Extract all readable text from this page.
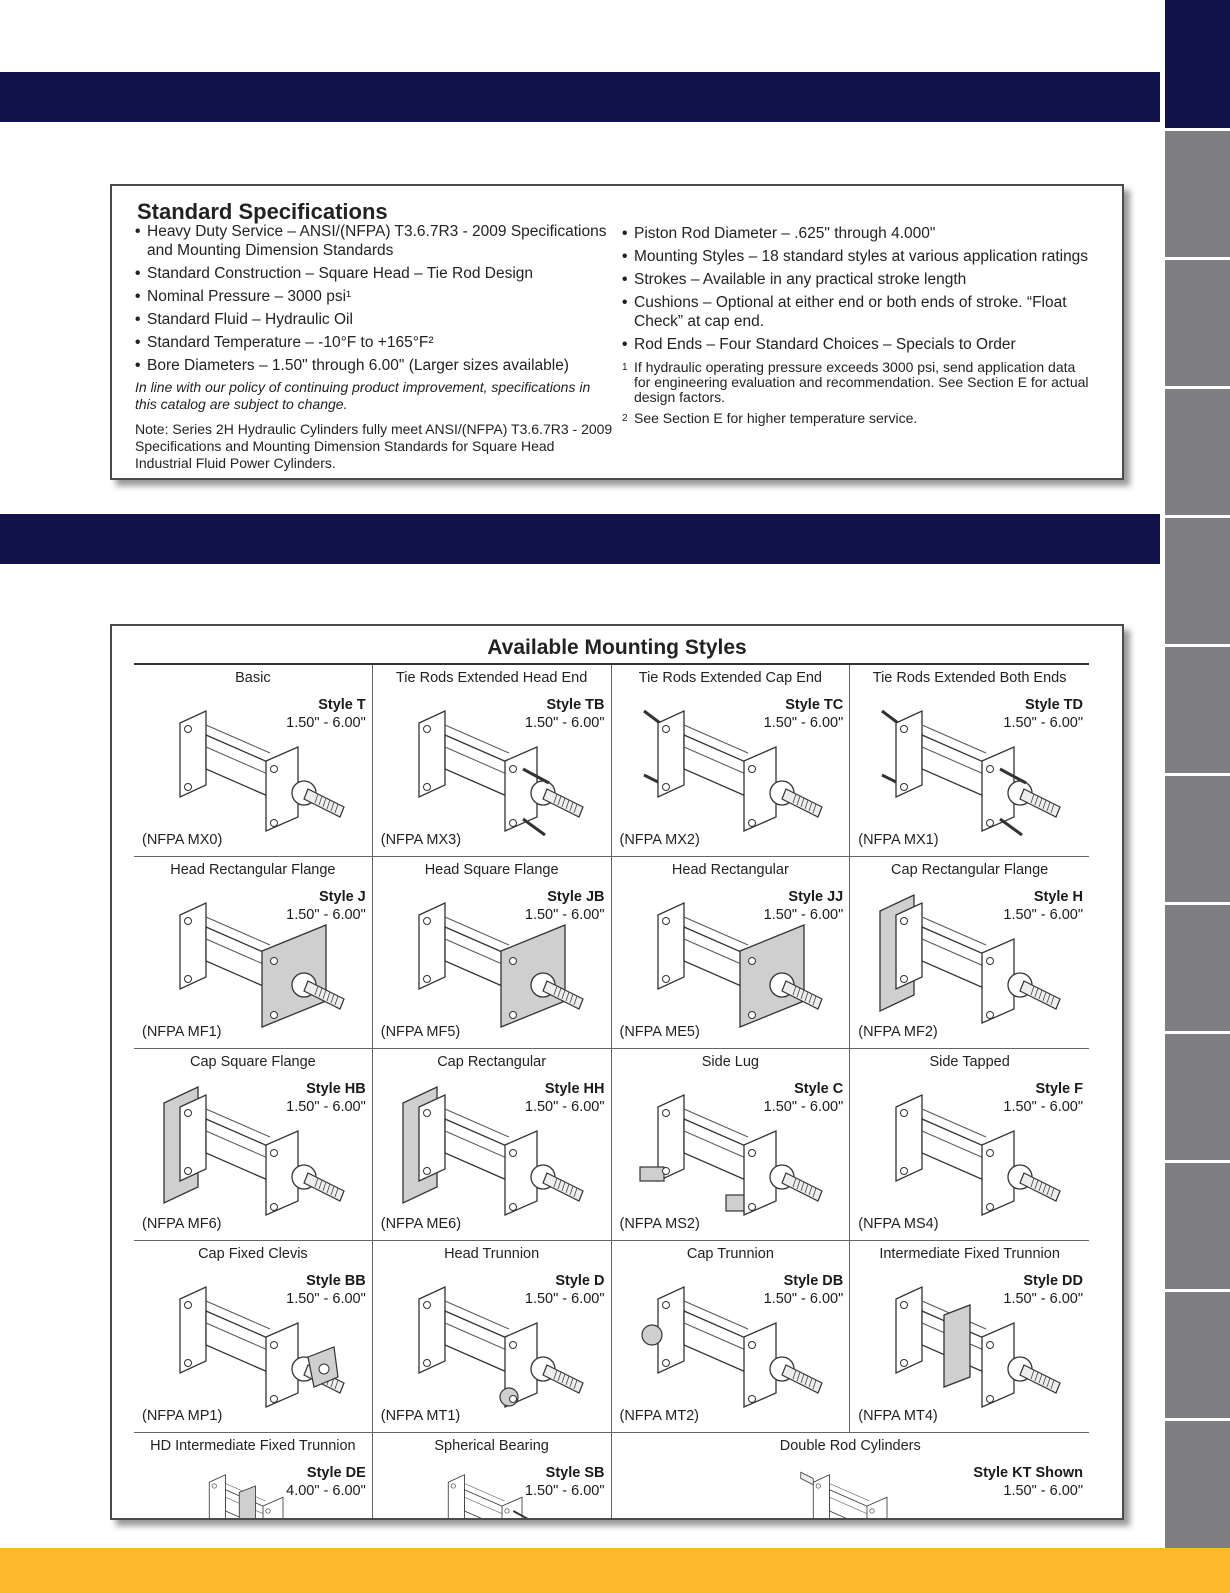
Standard Specifications
• Heavy Duty Service – ANSI/(NFPA) T3.6.7R3 - 2009 Specifications and Mounting Dimension Standards
• Standard Construction – Square Head – Tie Rod Design
• Nominal Pressure – 3000 psi¹
• Standard Fluid – Hydraulic Oil
• Standard Temperature – -10°F to +165°F²
• Bore Diameters – 1.50" through 6.00" (Larger sizes available)
In line with our policy of continuing product improvement, specifications in this catalog are subject to change.
Note: Series 2H Hydraulic Cylinders fully meet ANSI/(NFPA) T3.6.7R3 - 2009 Specifications and Mounting Dimension Standards for Square Head Industrial Fluid Power Cylinders.
• Piston Rod Diameter – .625" through 4.000"
• Mounting Styles – 18 standard styles at various application ratings
• Strokes – Available in any practical stroke length
• Cushions – Optional at either end or both ends of stroke. “Float Check” at cap end.
• Rod Ends – Four Standard Choices – Specials to Order
1 If hydraulic operating pressure exceeds 3000 psi, send application data for engineering evaluation and recommendation. See Section E for actual design factors.
2 See Section E for higher temperature service.
Available Mounting Styles
Basic
Style T
1.50" - 6.00"
(NFPA MX0)
Tie Rods Extended Head End
Style TB
1.50" - 6.00"
(NFPA MX3)
Tie Rods Extended Cap End
Style TC
1.50" - 6.00"
(NFPA MX2)
Tie Rods Extended Both Ends
Style TD
1.50" - 6.00"
(NFPA MX1)
Head Rectangular Flange
Style J
1.50" - 6.00"
(NFPA MF1)
Head Square Flange
Style JB
1.50" - 6.00"
(NFPA MF5)
Head Rectangular
Style JJ
1.50" - 6.00"
(NFPA ME5)
Cap Rectangular Flange
Style H
1.50" - 6.00"
(NFPA MF2)
Cap Square Flange
Style HB
1.50" - 6.00"
(NFPA MF6)
Cap Rectangular
Style HH
1.50" - 6.00"
(NFPA ME6)
Side Lug
Style C
1.50" - 6.00"
(NFPA MS2)
Side Tapped
Style F
1.50" - 6.00"
(NFPA MS4)
Cap Fixed Clevis
Style BB
1.50" - 6.00"
(NFPA MP1)
Head Trunnion
Style D
1.50" - 6.00"
(NFPA MT1)
Cap Trunnion
Style DB
1.50" - 6.00"
(NFPA MT2)
Intermediate Fixed Trunnion
Style DD
1.50" - 6.00"
(NFPA MT4)
HD Intermediate Fixed Trunnion
Style DE
4.00" - 6.00"
Spherical Bearing
Style SB
1.50" - 6.00"
Double Rod Cylinders
Style KT Shown
1.50" - 6.00"
